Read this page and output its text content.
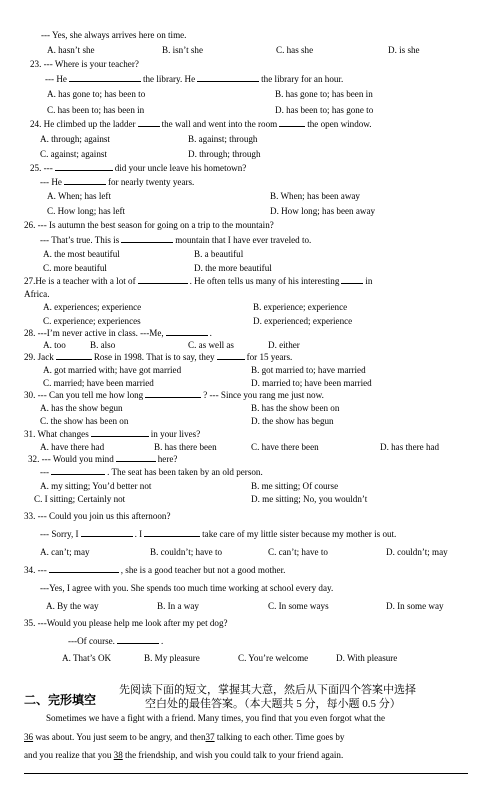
--- Yes, she always arrives here on time.
A. hasn’t she	B. isn’t she	C. has she	D. is she
23. --- Where is your teacher?
--- He	the library. He	the library for an hour.
A. has gone to; has been to	B. has gone to; has been in
C. has been to; has been in	D. has been to; has gone to
24. He climbed up the ladder	the wall and went into the room	the open window.
A. through; against	B. against; through
C. against; against	D. through; through
25. ---	did your uncle leave his hometown?
--- He	for nearly twenty years.
A. When; has left	B. When; has been away
C. How long; has left	D. How long; has been away
26. --- Is autumn the best season for going on a trip to the mountain?
--- That’s true. This is	mountain that I have ever traveled to.
A. the most beautiful	B. a beautiful
C. more beautiful	D. the more beautiful
27.He is a teacher with a lot of	. He often tells us many of his interesting	in
Africa.
A. experiences; experience	B. experience; experience
C. experience; experiences	D. experienced; experience
28. ---I’m never active in class. ---Me,	.
A. too	B. also	C. as well as	D. either
29. Jack	Rose in 1998. That is to say, they	for 15 years.
A. got married with; have got married	B. got married to; have married
C. married; have been married	D. married to; have been married
30. --- Can you tell me how long	? --- Since you rang me just now.
A. has the show begun	B. has the show been on
C. the show has been on	D. the show has begun
31. What changes	in your lives?
A. have there had	B. has there been	C. have there been	D. has there had
32. --- Would you mind	here?
---	. The seat has been taken by an old person.
A. my sitting; You’d better not	B. me sitting; Of course
C. I sitting; Certainly not	D. me sitting; No, you wouldn’t
33. --- Could you join us this afternoon?
--- Sorry, I	. I	take care of my little sister because my mother is out.
A. can’t; may	B. couldn’t; have to	C. can’t; have to	D. couldn’t; may
34. ---	, she is a good teacher but not a good mother.
---Yes, I agree with you. She spends too much time working at school every day.
A. By the way	B. In a way	C. In some ways	D. In some way
35. ---Would you please help me look after my pet dog?
---Of course.	.
A. That’s OK	B. My pleasure	C. You’re welcome	D. With pleasure
二、完形填空
先阅读下面的短文，掌握其大意，然后从下面四个答案中选择
空白处的最佳答案。（本大题共 5 分，每小题 0.5 分）
Sometimes we have a fight with a friend. Many times, you find that you even forgot what the
36 was about. You just seem to be angry, and then37 talking to each other. Time goes by
and you realize that you 38 the friendship, and wish you could talk to your friend again.
